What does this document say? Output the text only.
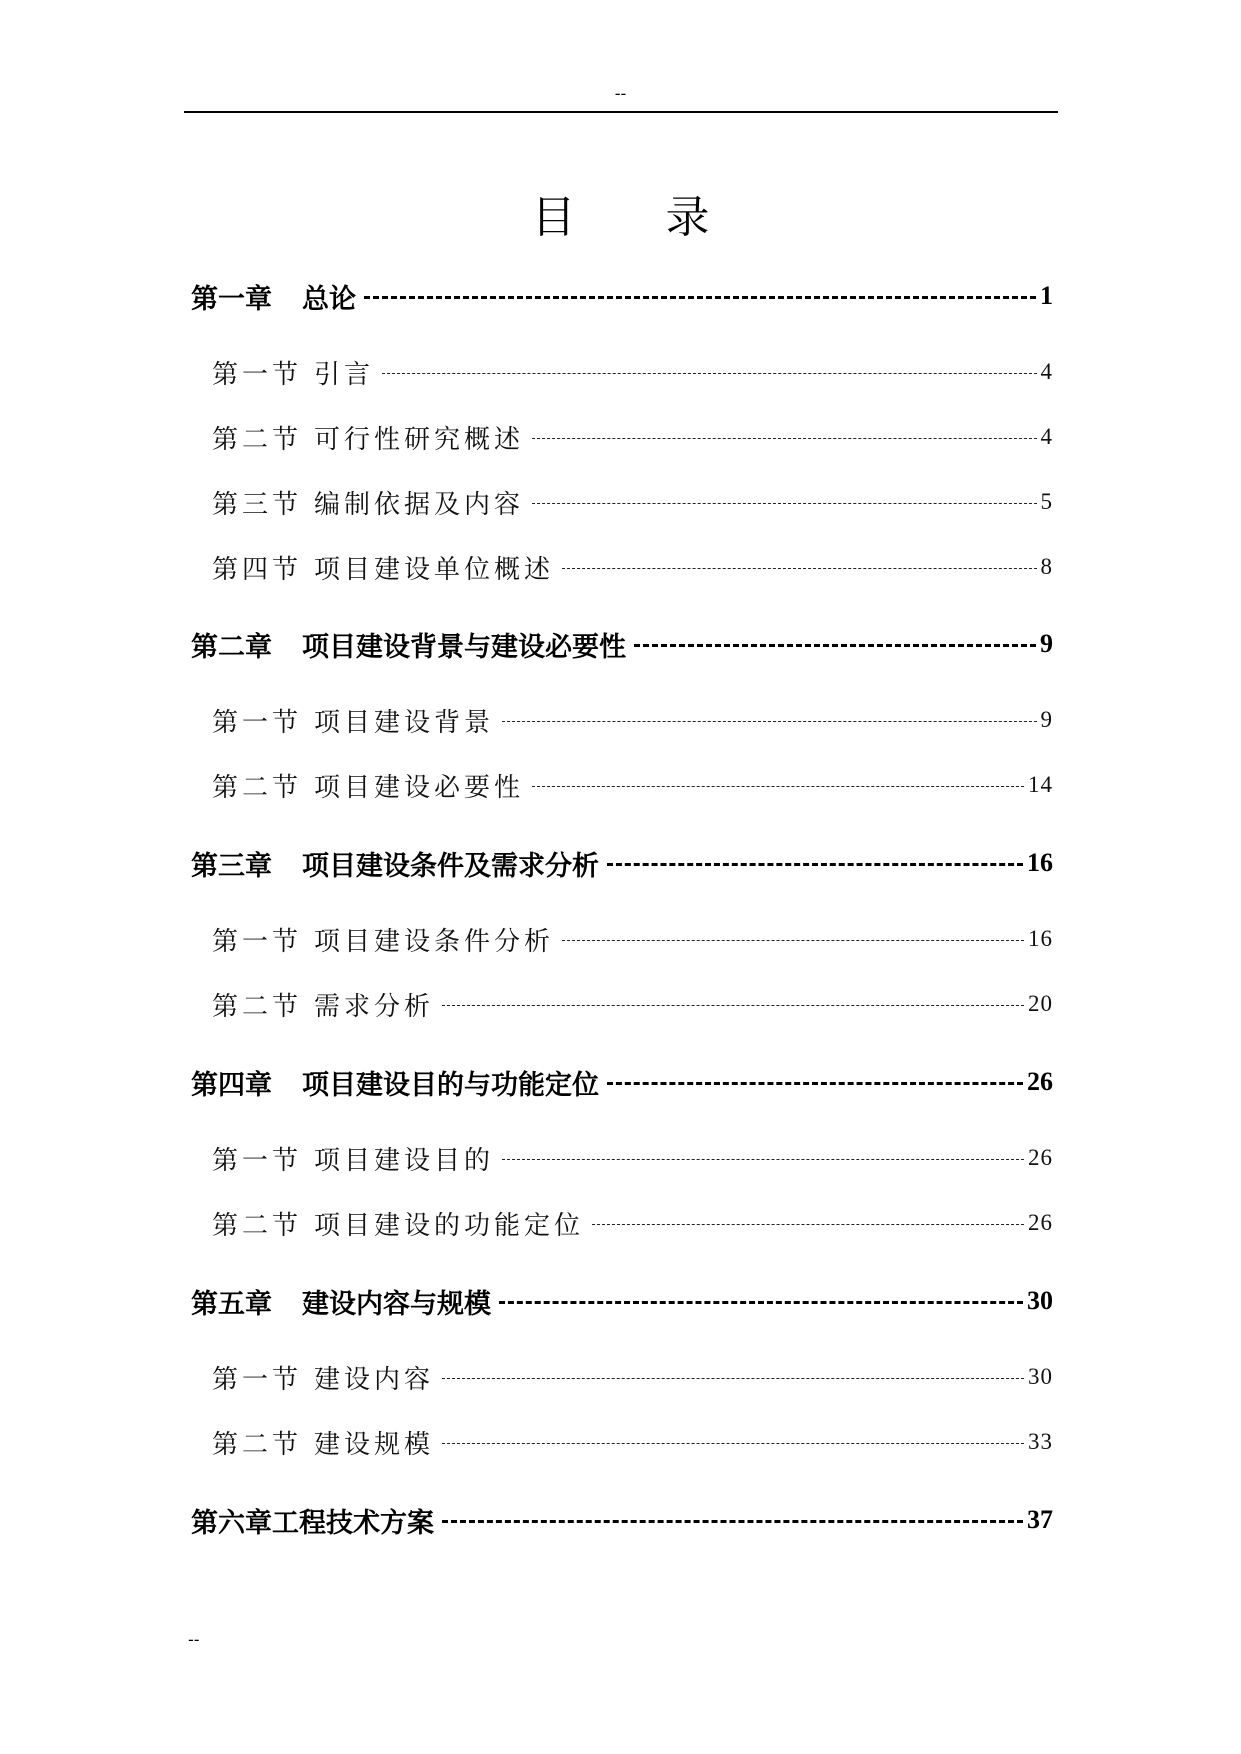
--
目 录
第一章 总论	1
第一节 引言	4
第二节 可行性研究概述	4
第三节 编制依据及内容	5
第四节 项目建设单位概述	8
第二章 项目建设背景与建设必要性	9
第一节 项目建设背景	9
第二节 项目建设必要性	14
第三章 项目建设条件及需求分析	16
第一节 项目建设条件分析	16
第二节 需求分析	20
第四章 项目建设目的与功能定位	26
第一节 项目建设目的	26
第二节 项目建设的功能定位	26
第五章 建设内容与规模	30
第一节 建设内容	30
第二节 建设规模	33
第六章工程技术方案	37
--
